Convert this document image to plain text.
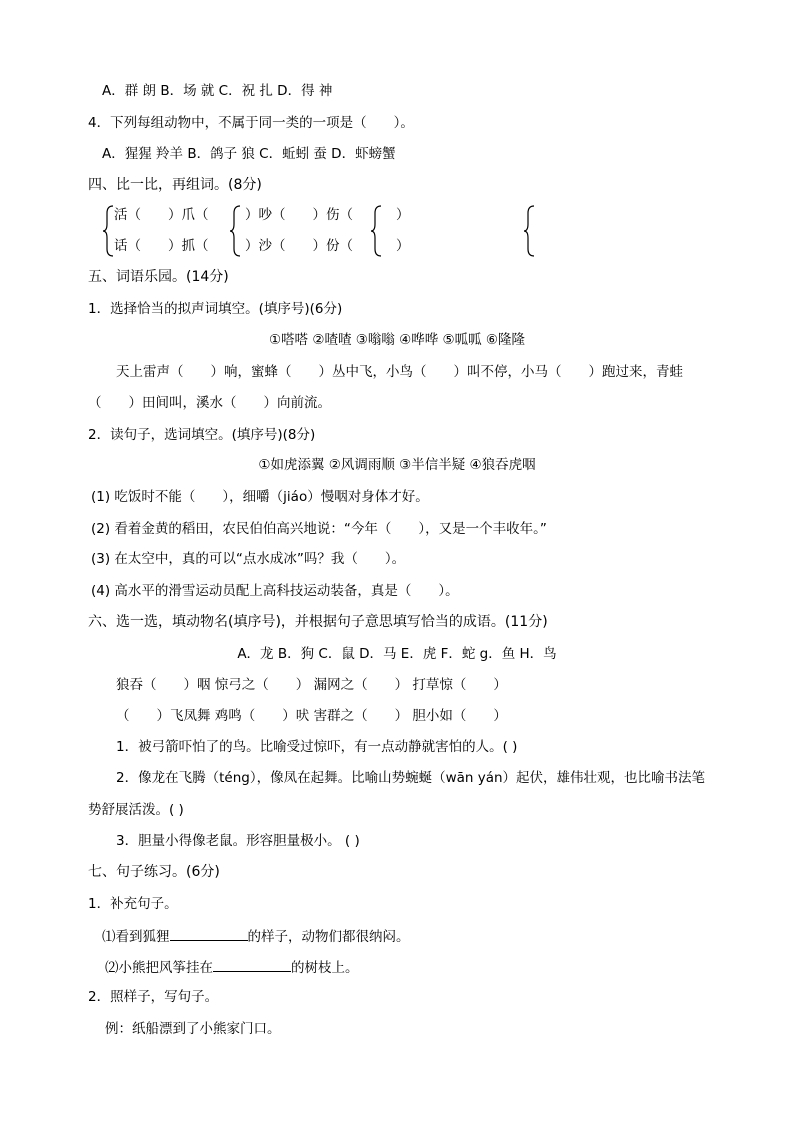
A．群 朗 B．场 就 C．祝 扎 D．得 神
4．下列每组动物中，不属于同一类的一项是（　　）。
A．猩猩 羚羊 B．鸽子 狼 C．蚯蚓 蚕 D．虾螃蟹
四、比一比，再组词。(8分)
活（　　）爪（	）吵（　　）伤（	）
话（　　）抓（	）沙（　　）份（	）
五、词语乐园。(14分)
1．选择恰当的拟声词填空。(填序号)(6分)
①嗒嗒 ②喳喳 ③嗡嗡 ④哗哗 ⑤呱呱 ⑥隆隆
天上雷声（　　）响，蜜蜂（　　）丛中飞，小鸟（　　）叫不停，小马（　　）跑过来，青蛙
（　　）田间叫，溪水（　　）向前流。
2．读句子，选词填空。(填序号)(8分)
①如虎添翼 ②风调雨顺 ③半信半疑 ④狼吞虎咽
(1) 吃饭时不能（　　），细嚼（jiáo）慢咽对身体才好。
(2) 看着金黄的稻田，农民伯伯高兴地说：“今年（　　），又是一个丰收年。”
(3) 在太空中，真的可以“点水成冰”吗？我（　　）。
(4) 高水平的滑雪运动员配上高科技运动装备，真是（　　）。
六、选一选，填动物名(填序号)，并根据句子意思填写恰当的成语。(11分)
A．龙 B．狗 C．鼠 D．马 E．虎 F．蛇 g．鱼 H．鸟
狼吞（　　）咽 惊弓之（　　） 漏网之（　　） 打草惊（　　）
（　　）飞凤舞 鸡鸣（　　）吠 害群之（　　） 胆小如（　　）
1．被弓箭吓怕了的鸟。比喻受过惊吓，有一点动静就害怕的人。( )
2．像龙在飞腾（téng），像凤在起舞。比喻山势蜿蜒（wān yán）起伏，雄伟壮观，也比喻书法笔
势舒展活泼。( )
3．胆量小得像老鼠。形容胆量极小。 ( )
七、句子练习。(6分)
1．补充句子。
⑴看到狐狸	的样子，动物们都很纳闷。
⑵小熊把风筝挂在	的树枝上。
2．照样子，写句子。
例：纸船漂到了小熊家门口。
